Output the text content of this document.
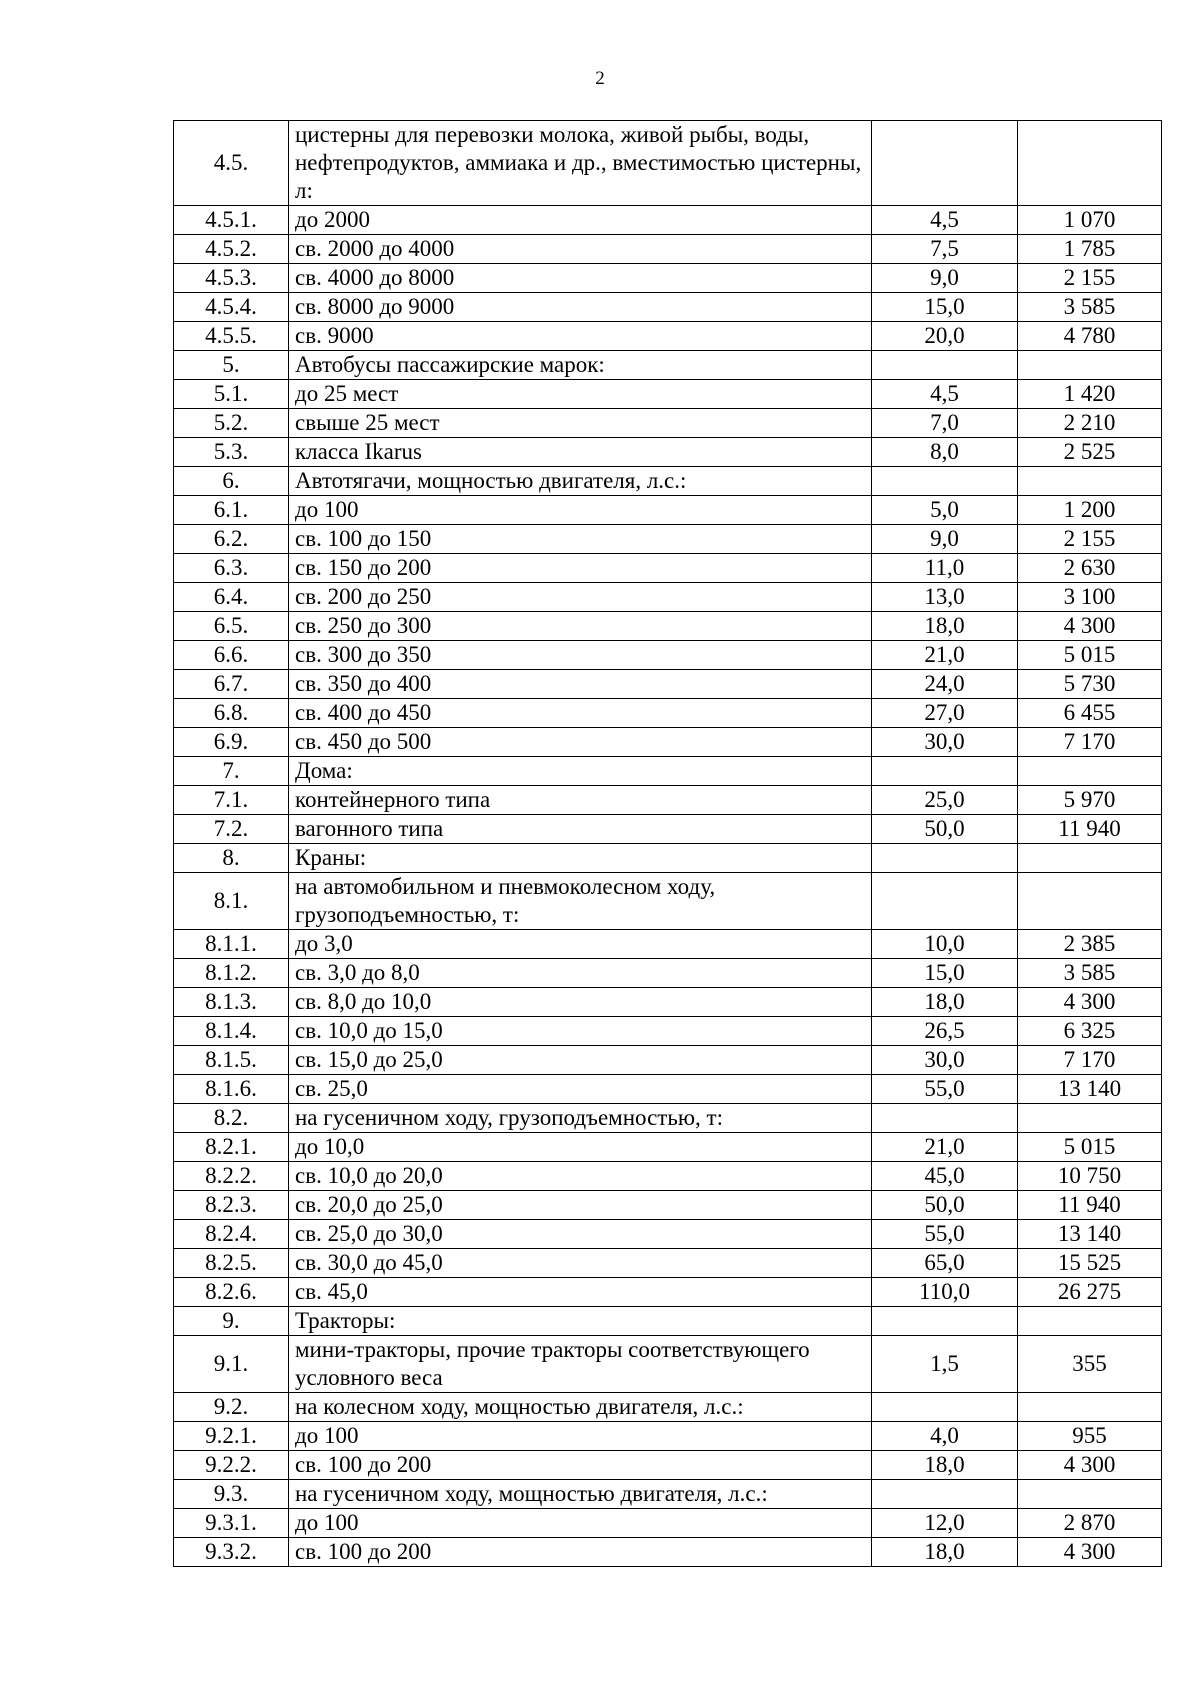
2
4.5.	цистерны для перевозки молока, живой рыбы, воды, нефтепродуктов, аммиака и др., вместимостью цистерны, л:		
4.5.1.	до 2000	4,5	1 070
4.5.2.	св. 2000 до 4000	7,5	1 785
4.5.3.	св. 4000 до 8000	9,0	2 155
4.5.4.	св. 8000 до 9000	15,0	3 585
4.5.5.	св. 9000	20,0	4 780
5.	Автобусы пассажирские марок:		
5.1.	до 25 мест	4,5	1 420
5.2.	свыше 25 мест	7,0	2 210
5.3.	класса Ikarus	8,0	2 525
6.	Автотягачи, мощностью двигателя, л.с.:		
6.1.	до 100	5,0	1 200
6.2.	св. 100 до 150	9,0	2 155
6.3.	св. 150 до 200	11,0	2 630
6.4.	св. 200 до 250	13,0	3 100
6.5.	св. 250 до 300	18,0	4 300
6.6.	св. 300 до 350	21,0	5 015
6.7.	св. 350 до 400	24,0	5 730
6.8.	св. 400 до 450	27,0	6 455
6.9.	св. 450 до 500	30,0	7 170
7.	Дома:		
7.1.	контейнерного типа	25,0	5 970
7.2.	вагонного типа	50,0	11 940
8.	Краны:		
8.1.	на автомобильном и пневмоколесном ходу, грузоподъемностью, т:		
8.1.1.	до 3,0	10,0	2 385
8.1.2.	св. 3,0 до 8,0	15,0	3 585
8.1.3.	св. 8,0 до 10,0	18,0	4 300
8.1.4.	св. 10,0 до 15,0	26,5	6 325
8.1.5.	св. 15,0 до 25,0	30,0	7 170
8.1.6.	св. 25,0	55,0	13 140
8.2.	на гусеничном ходу, грузоподъемностью, т:		
8.2.1.	до 10,0	21,0	5 015
8.2.2.	св. 10,0 до 20,0	45,0	10 750
8.2.3.	св. 20,0 до 25,0	50,0	11 940
8.2.4.	св. 25,0 до 30,0	55,0	13 140
8.2.5.	св. 30,0 до 45,0	65,0	15 525
8.2.6.	св. 45,0	110,0	26 275
9.	Тракторы:		
9.1.	мини-тракторы, прочие тракторы соответствующего условного веса	1,5	355
9.2.	на колесном ходу, мощностью двигателя, л.с.:		
9.2.1.	до 100	4,0	955
9.2.2.	св. 100 до 200	18,0	4 300
9.3.	на гусеничном ходу, мощностью двигателя, л.с.:		
9.3.1.	до 100	12,0	2 870
9.3.2.	св. 100 до 200	18,0	4 300
